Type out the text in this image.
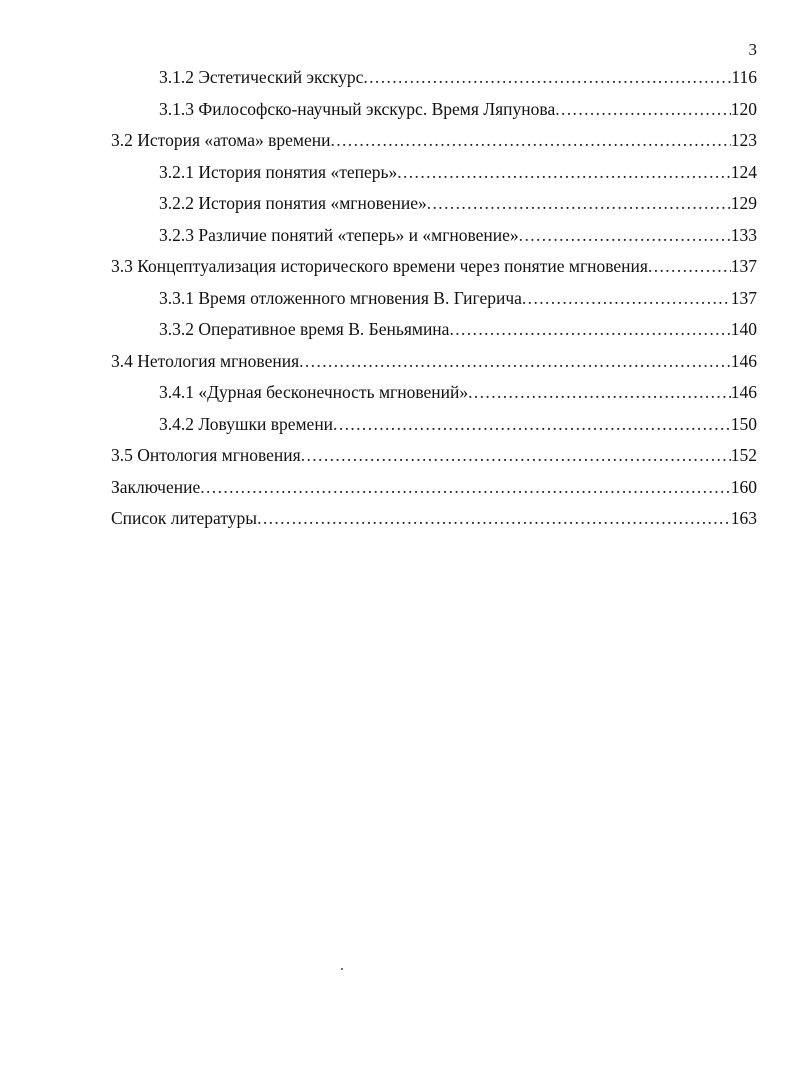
3
3.1.2 Эстетический экскурс .....	116
3.1.3 Философско-научный экскурс. Время Ляпунова .....	120
3.2 История «атома» времени .....	123
3.2.1 История понятия «теперь» .....	124
3.2.2 История понятия «мгновение» .....	129
3.2.3 Различие понятий «теперь» и «мгновение» .....	133
3.3 Концептуализация исторического времени через понятие мгновения .....	137
3.3.1 Время отложенного мгновения В. Гигерича .....	137
3.3.2 Оперативное время В. Беньямина .....	140
3.4 Нетология мгновения .....	146
3.4.1 «Дурная бесконечность мгновений» .....	146
3.4.2 Ловушки времени .....	150
3.5 Онтология мгновения .....	152
Заключение .....	160
Список литературы .....	163
